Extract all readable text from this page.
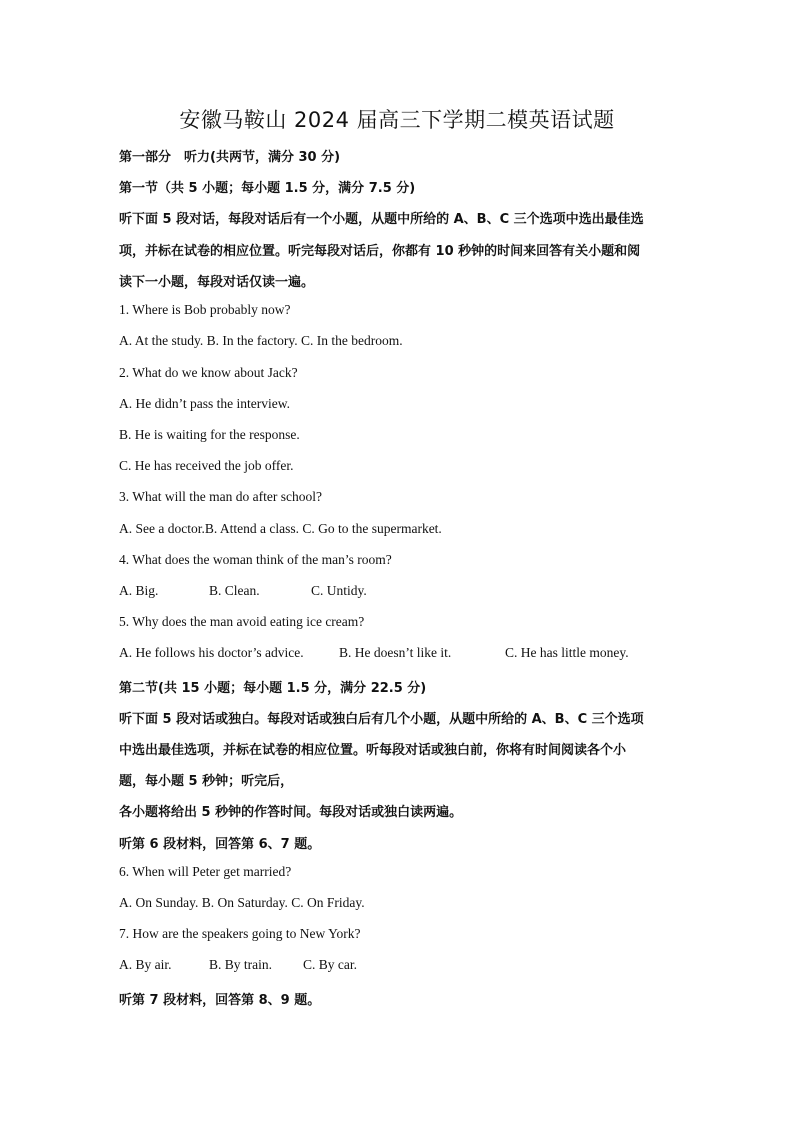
安徽马鞍山 2024 届高三下学期二模英语试题
第一部分　听力(共两节，满分 30 分)
第一节（共 5 小题；每小题 1.5 分，满分 7.5 分)
听下面 5 段对话，每段对话后有一个小题，从题中所给的 A、B、C 三个选项中选出最佳选
项，并标在试卷的相应位置。听完每段对话后，你都有 10 秒钟的时间来回答有关小题和阅
读下一小题，每段对话仅读一遍。
1. Where is Bob probably now?
A. At the study. B. In the factory. C. In the bedroom.
2. What do we know about Jack?
A. He didn’t pass the interview.
B. He is waiting for the response.
C. He has received the job offer.
3. What will the man do after school?
A. See a doctor.B. Attend a class. C. Go to the supermarket.
4. What does the woman think of the man’s room?
A. Big.	B. Clean.	C. Untidy.
5. Why does the man avoid eating ice cream?
A. He follows his doctor’s advice.	B. He doesn’t like it.	C. He has little money.
第二节(共 15 小题；每小题 1.5 分，满分 22.5 分)
听下面 5 段对话或独白。每段对话或独白后有几个小题，从题中所给的 A、B、C 三个选项
中选出最佳选项，并标在试卷的相应位置。听每段对话或独白前，你将有时间阅读各个小
题，每小题 5 秒钟；听完后，
各小题将给出 5 秒钟的作答时间。每段对话或独白读两遍。
听第 6 段材料，回答第 6、7 题。
6. When will Peter get married?
A. On Sunday. B. On Saturday. C. On Friday.
7. How are the speakers going to New York?
A. By air.	B. By train. C. By car.
听第 7 段材料，回答第 8、9 题。
